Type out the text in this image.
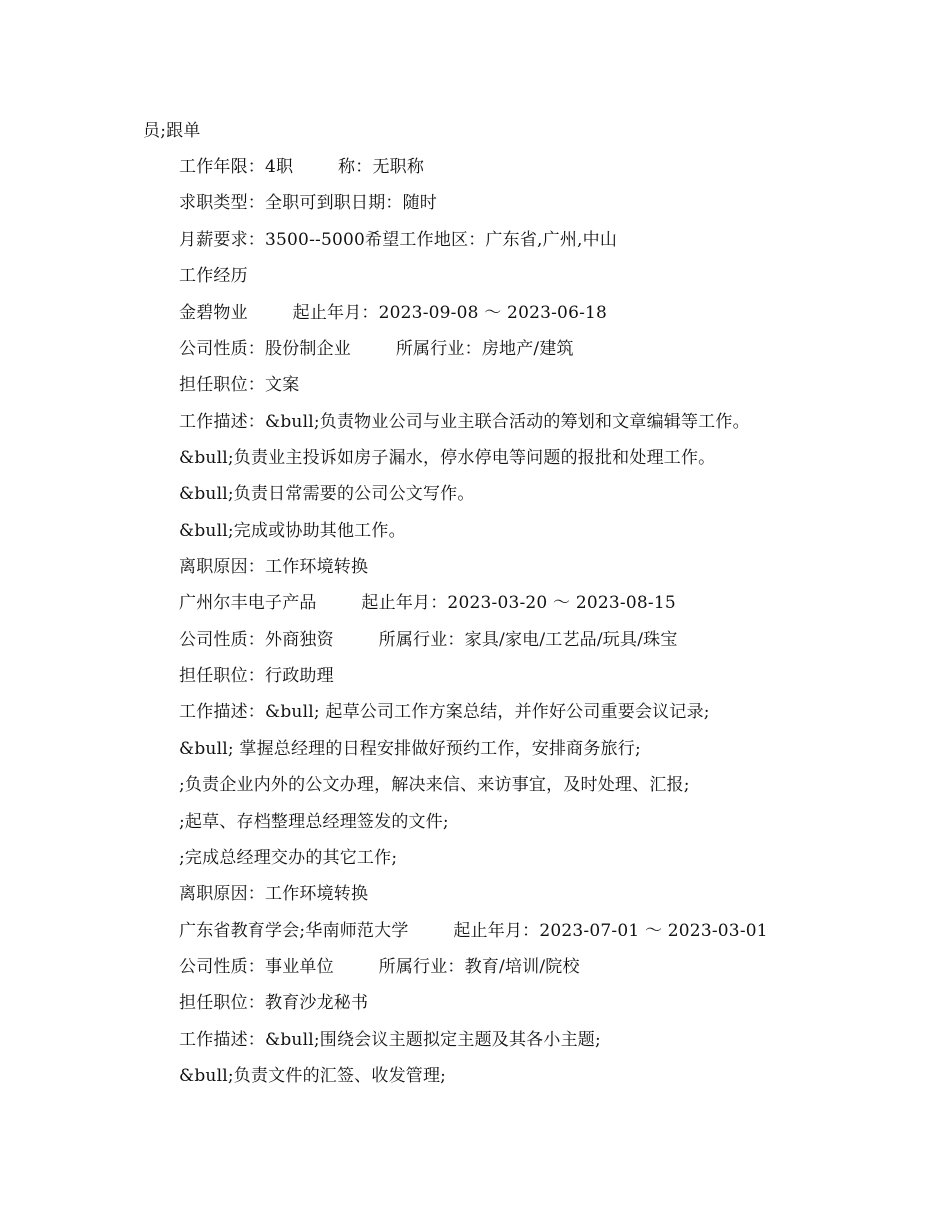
员;跟单
工作年限：4职        称：无职称
求职类型：全职可到职日期：随时
月薪要求：3500--5000希望工作地区：广东省,广州,中山
工作经历
金碧物业        起止年月：2023-09-08 ～ 2023-06-18
公司性质：股份制企业        所属行业：房地产/建筑
担任职位：文案
工作描述：&bull;负责物业公司与业主联合活动的筹划和文章编辑等工作。
&bull;负责业主投诉如房子漏水，停水停电等问题的报批和处理工作。
&bull;负责日常需要的公司公文写作。
&bull;完成或协助其他工作。
离职原因：工作环境转换
广州尔丰电子产品        起止年月：2023-03-20 ～ 2023-08-15
公司性质：外商独资        所属行业：家具/家电/工艺品/玩具/珠宝
担任职位：行政助理
工作描述：&bull; 起草公司工作方案总结，并作好公司重要会议记录;
&bull; 掌握总经理的日程安排做好预约工作，安排商务旅行;
;负责企业内外的公文办理，解决来信、来访事宜，及时处理、汇报;
;起草、存档整理总经理签发的文件;
;完成总经理交办的其它工作;
离职原因：工作环境转换
广东省教育学会;华南师范大学        起止年月：2023-07-01 ～ 2023-03-01
公司性质：事业单位        所属行业：教育/培训/院校
担任职位：教育沙龙秘书
工作描述：&bull;围绕会议主题拟定主题及其各小主题;
&bull;负责文件的汇签、收发管理;
